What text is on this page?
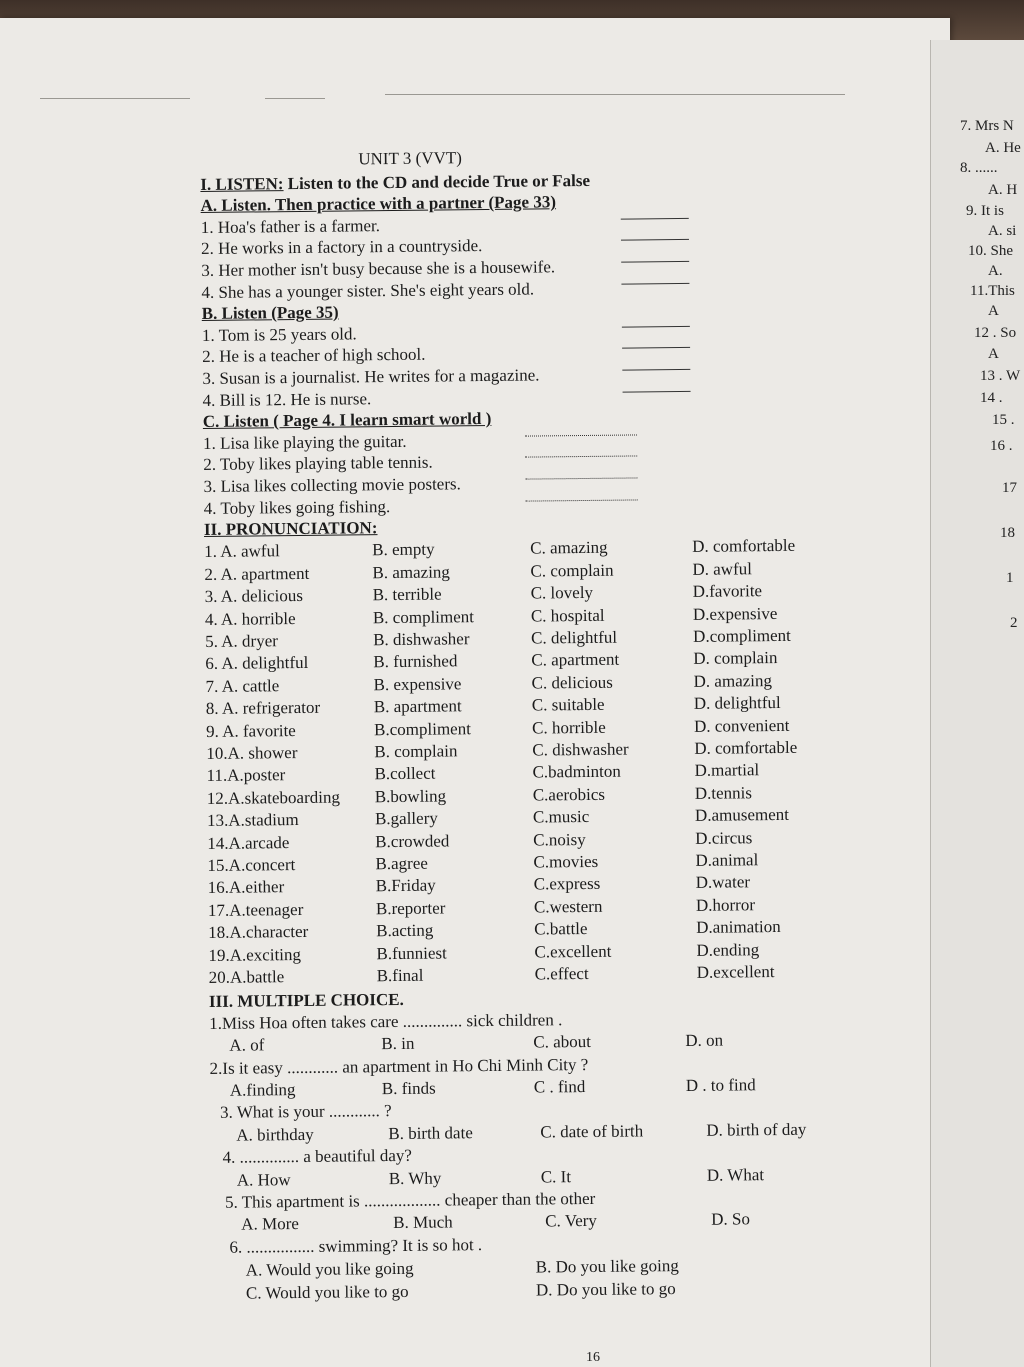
UNIT 3 (VVT)
I. LISTEN: Listen to the CD and decide True or False
A. Listen. Then practice with a partner (Page 33)
1. Hoa's father is a farmer.
2. He works in a factory in a countryside.
3. Her mother isn't busy because she is a housewife.
4. She has a younger sister. She's eight years old.
B. Listen (Page 35)
1. Tom is 25 years old.
2. He is a teacher of high school.
3. Susan is a journalist. He writes for a magazine.
4. Bill is 12. He is nurse.
C. Listen ( Page 4. I learn smart world )
1. Lisa like playing the guitar.
2. Toby likes playing table tennis.
3. Lisa likes collecting movie posters.
4. Toby likes going fishing.
II. PRONUNCIATION:
1. A. awful	B. empty	C. amazing	D. comfortable
2. A. apartment	B. amazing	C. complain	D. awful
3. A. delicious	B. terrible	C. lovely	D.favorite
4. A. horrible	B. compliment	C. hospital	D.expensive
5. A. dryer	B. dishwasher	C. delightful	D.compliment
6. A. delightful	B. furnished	C. apartment	D. complain
7. A. cattle	B. expensive	C. delicious	D. amazing
8. A. refrigerator	B. apartment	C. suitable	D. delightful
9. A. favorite	B.compliment	C. horrible	D. convenient
10.A. shower	B. complain	C. dishwasher	D. comfortable
11.A.poster	B.collect	C.badminton	D.martial
12.A.skateboarding	B.bowling	C.aerobics	D.tennis
13.A.stadium	B.gallery	C.music	D.amusement
14.A.arcade	B.crowded	C.noisy	D.circus
15.A.concert	B.agree	C.movies	D.animal
16.A.either	B.Friday	C.express	D.water
17.A.teenager	B.reporter	C.western	D.horror
18.A.character	B.acting	C.battle	D.animation
19.A.exciting	B.funniest	C.excellent	D.ending
20.A.battle	B.final	C.effect	D.excellent
III. MULTIPLE CHOICE.
1.Miss Hoa often takes care .............. sick children .
A. of	B. in	C. about	D. on
2.Is it easy ............ an apartment in Ho Chi Minh City ?
A.finding	B. finds	C . find	D . to find
3. What is your ............ ?
A. birthday	B. birth date	C. date of birth	D. birth of day
4. .............. a beautiful day?
A. How	B. Why	C. It	D. What
5. This apartment is .................. cheaper than the other
A. More	B. Much	C. Very	D. So
6. ................ swimming? It is so hot .
A. Would you like going	B. Do you like going
C. Would you like to go	D. Do you like to go
16
7. Mrs N
A. He
8. ......
A. H
9. It is
A. si
10. She
A.
11.This
A
12 . So
A
13 . W
14 .
15 .
16 .
17
18
1
2
